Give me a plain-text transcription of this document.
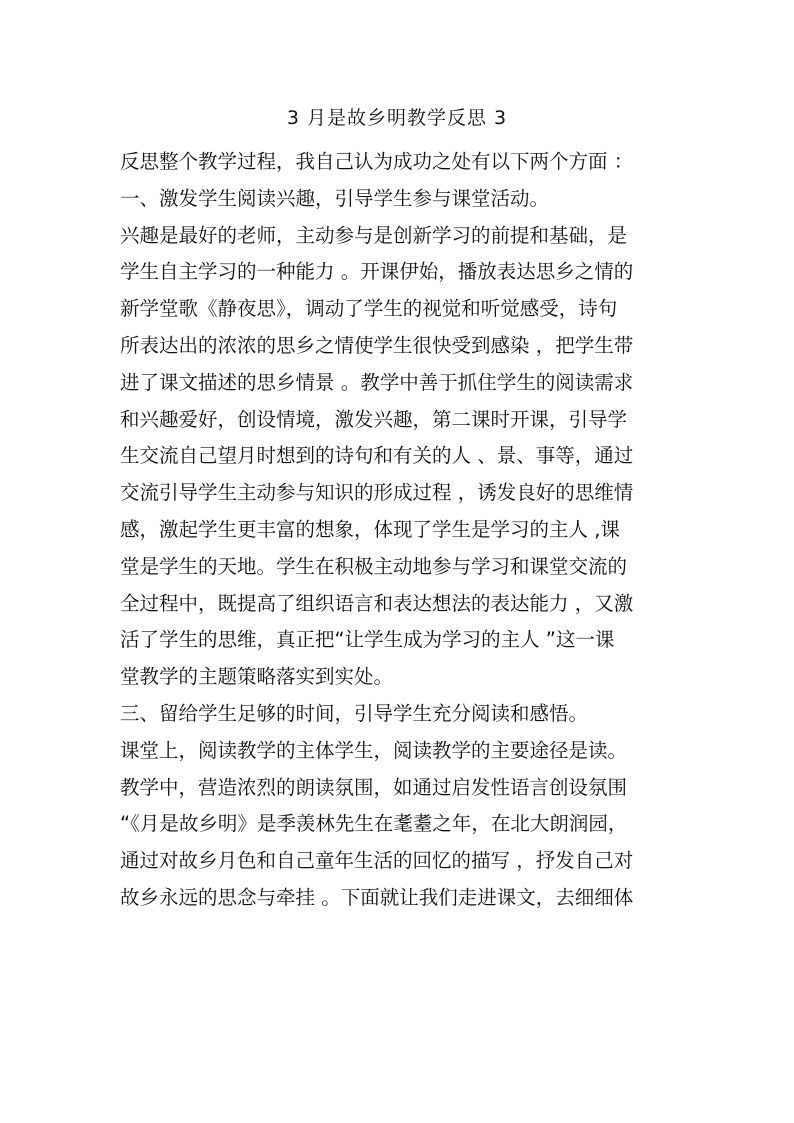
3 月是故乡明教学反思 3
反思整个教学过程，我自己认为成功之处有以下两个方面 ：
一、激发学生阅读兴趣，引导学生参与课堂活动。
兴趣是最好的老师，主动参与是创新学习的前提和基础，是
学生自主学习的一种能力 。开课伊始，播放表达思乡之情的
新学堂歌《静夜思》，调动了学生的视觉和听觉感受，诗句
所表达出的浓浓的思乡之情使学生很快受到感染 ，把学生带
进了课文描述的思乡情景 。教学中善于抓住学生的阅读需求
和兴趣爱好，创设情境，激发兴趣，第二课时开课，引导学
生交流自己望月时想到的诗句和有关的人 、景、事等，通过
交流引导学生主动参与知识的形成过程 ，诱发良好的思维情
感，激起学生更丰富的想象，体现了学生是学习的主人 ,课
堂是学生的天地。学生在积极主动地参与学习和课堂交流的
全过程中，既提高了组织语言和表达想法的表达能力 ，又激
活了学生的思维，真正把“让学生成为学习的主人 ”这一课
堂教学的主题策略落实到实处。
三、留给学生足够的时间，引导学生充分阅读和感悟。
课堂上，阅读教学的主体学生，阅读教学的主要途径是读。
教学中，营造浓烈的朗读氛围，如通过启发性语言创设氛围
“《月是故乡明》是季羡林先生在耄耋之年，在北大朗润园，
通过对故乡月色和自己童年生活的回忆的描写 ，抒发自己对
故乡永远的思念与牵挂 。下面就让我们走进课文，去细细体
